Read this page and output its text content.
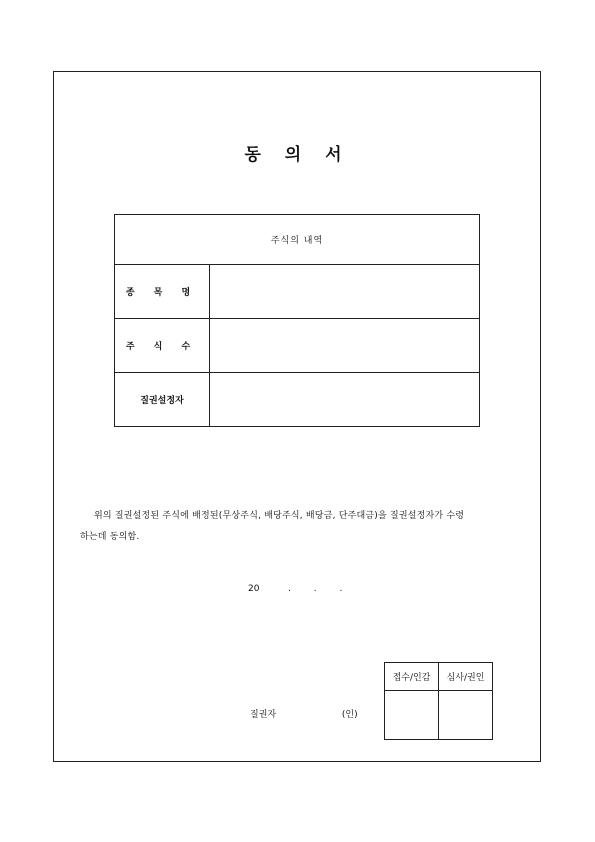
동 의 서
주식의 내역	
종 목 명	
주 식 수	
질권설정자	
위의 질권설정된 주식에 배정된(무상주식, 배당주식, 배당금, 단주대금)을 질권설정자가 수령
하는데 동의함.
20	.        .        .
질권자	(인)
접수/인감	심사/권인
